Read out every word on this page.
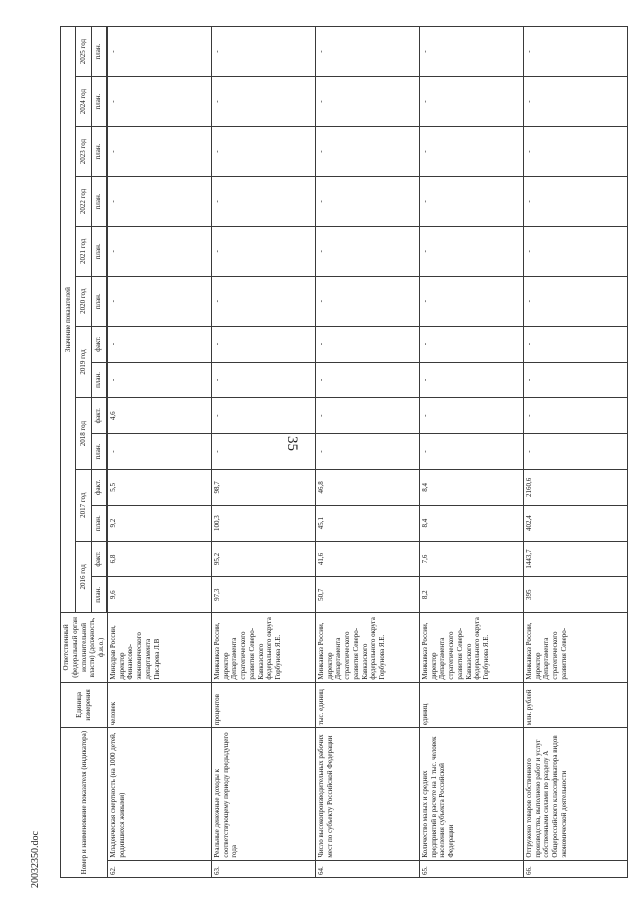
35
20032350.doc	Номер и наименование показателя (индикатора)		Единица измерения	Ответственный (федеральный орган исполнительной власти) (должность, ф.и.о.)	Значение показателей													
				2016 год		2017 год		2018 год		2019 год		2020 год	2021 год	2022 год	2023 год	2024 год	2025 год
				план.	факт.	план.	факт.	план.	факт.	план.	факт.	план.	план.	план.	план.	план.	план.

62.	Младенческая смертность (на 1000 детей, родившихся живыми)	человек	Минздрав России, директор Финансово-экономического департамента Писарева Л.В	9,6	6,8	9,2	5,5	-	4,6	-	-	-	-	-	-	-	-
63.	Реальные денежные доходы к соответствующему периоду предыдущего года	процентов	Минкавказ России, директор Департамента стратегического развития Северо-Кавказского федерального округа Горбунова Я.Е.	97,3	95,2	100,3	98,7	-	-	-	-	-	-	-	-	-	-
64.	Число высокопроизводительных рабочих мест по субъекту Российской Федерации	тыс. единиц	Минкавказ России, директор Департамента стратегического развития Северо-Кавказского федерального округа Горбунова Я.Е.	50,7	41,6	45,1	46,8	-	-	-	-	-	-	-	-	-	-
65.	Количество малых и средних предприятий в расчете на 1 тыс. человек населения субъекта Российской Федерации	единиц	Минкавказ России, директор Департамента стратегического развития Северо-Кавказского федерального округа Горбунова Я.Е.	8,2	7,6	8,4	8,4	-	-	-	-	-	-	-	-	-	-
66.	Отгружено товаров собственного производства, выполнено работ и услуг собственными силами по разделу A Общероссийского классификатора видов экономической деятельности	млн. рублей	Минкавказ России, директор Департамента стратегического развития Северо-	395	1443,7	402,4	2160,6	-	-	-	-	-	-	-	-	-	-
